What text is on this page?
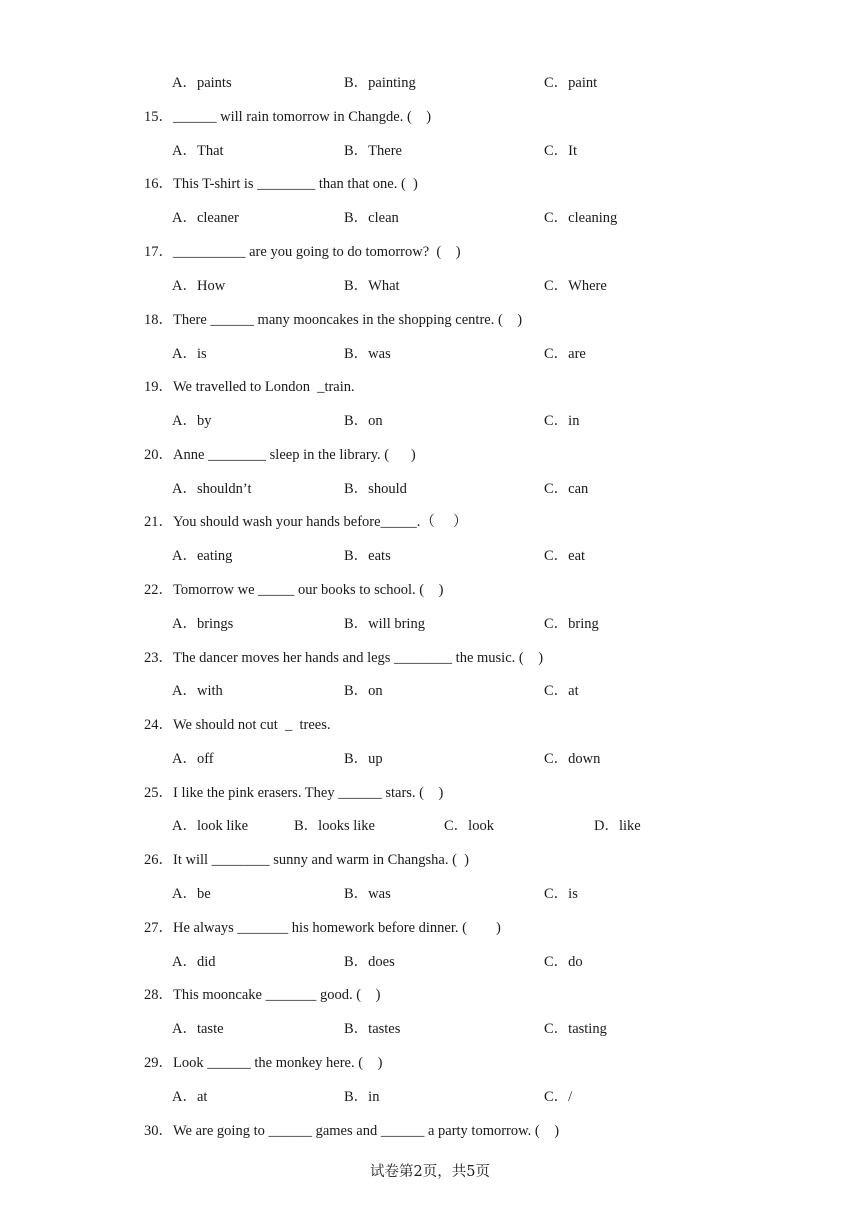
A．paints	B．painting	C．paint
15．______ will rain tomorrow in Changde. (    )
A．That	B．There	C．It
16．This T-shirt is ________ than that one. (  )
A．cleaner	B．clean	C．cleaning
17．__________ are you going to do tomorrow?  (    )
A．How	B．What	C．Where
18．There ______ many mooncakes in the shopping centre. (    )
A．is	B．was	C．are
19．We travelled to London  _train.
A．by	B．on	C．in
20．Anne ________ sleep in the library. (      )
A．shouldn’t	B．should	C．can
21．You should wash your hands before_____.（     ）
A．eating	B．eats	C．eat
22．Tomorrow we _____ our books to school. (    )
A．brings	B．will bring	C．bring
23．The dancer moves her hands and legs ________ the music. (    )
A．with	B．on	C．at
24．We should not cut  _  trees.
A．off	B．up	C．down
25．I like the pink erasers. They ______ stars. (    )
A．look like	B．looks like	C．look	D．like
26．It will ________ sunny and warm in Changsha. (  )
A．be	B．was	C．is
27．He always _______ his homework before dinner. (        )
A．did	B．does	C．do
28．This mooncake _______ good. (    )
A．taste	B．tastes	C．tasting
29．Look ______ the monkey here. (    )
A．at	B．in	C．/
30．We are going to ______ games and ______ a party tomorrow. (    )
试卷第2页，共5页
